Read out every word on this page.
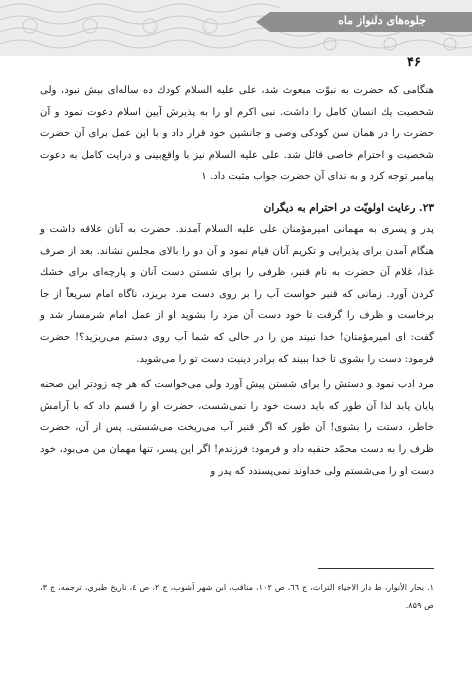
جلوه‌های دلنواز ماه
۴۶

هنگامی که حضرت به نبوّت مبعوث شد، علی عليه السلام كودك ده ساله‌ای بیش نبود، ولی شخصیت یك انسان کامل را داشت. نبی اکرم او را به پذیرش آیین اسلام دعوت نمود و آن حضرت را در همان سن کودکی وصی و جانشین خود قرار داد و با این عمل برای آن حضرت شخصیت و احترام خاصی قائل شد. علی عليه السلام نیز با واقع‌بینی و درایت کامل به دعوت پیامبر توجه کرد و به ندای آن حضرت جواب مثبت داد. ۱

۲۳. رعایت اولویّت در احترام به دیگران

پدر و پسری به مهمانی امیرمؤمنان علی عليه السلام آمدند. حضرت به آنان علاقه داشت و هنگام آمدن برای پذیرایی و تکریم آنان قیام نمود و آن دو را بالای مجلس نشاند. بعد از صرف غذا، غلام آن حضرت به نام قنبر، ظرفی را برای شستن دست آنان و پارچه‌ای برای خشك کردن آورد. زمانی که قنبر خواست آب را بر روی دست مرد بریزد، ناگاه امام سریعاً از جا برخاست و ظرف را گرفت تا خود دست آن مرد را بشوید او از عمل امام شرمسار شد و گفت: ای امیرمؤمنان! خدا نبیند من را در حالی که شما آب روی دستم می‌ریزید؟! حضرت فرمود: دست را بشوی تا خدا ببیند که برادر دینیت دست تو را می‌شوید.

مرد ادب نمود و دستش را برای شستن پیش آورد ولی می‌خواست که هر چه زودتر این صحنه پایان یابد لذا آن طور که باید دست خود را نمی‌شست، حضرت او را قسم داد که با آرامش خاطر، دستت را بشوی! آن طور که اگر قنبر آب می‌ریخت می‌شستی. پس از آن، حضرت ظرف را به دست محمّد حنفیه داد و فرمود: فرزندم! اگر این پسر، تنها مهمان من می‌بود، خود دست او را می‌شستم ولی خداوند نمی‌پسندد که پدر و

۱. بحار الأنوار، ط دار الاحياء التراث، ج ٦٦، ص ۱۰۲، مناقب، ابن شهر آشوب، ج ۲، ص ٤، تاريخ طبري، ترجمه، ج ۳، ص ۸۵۹.
